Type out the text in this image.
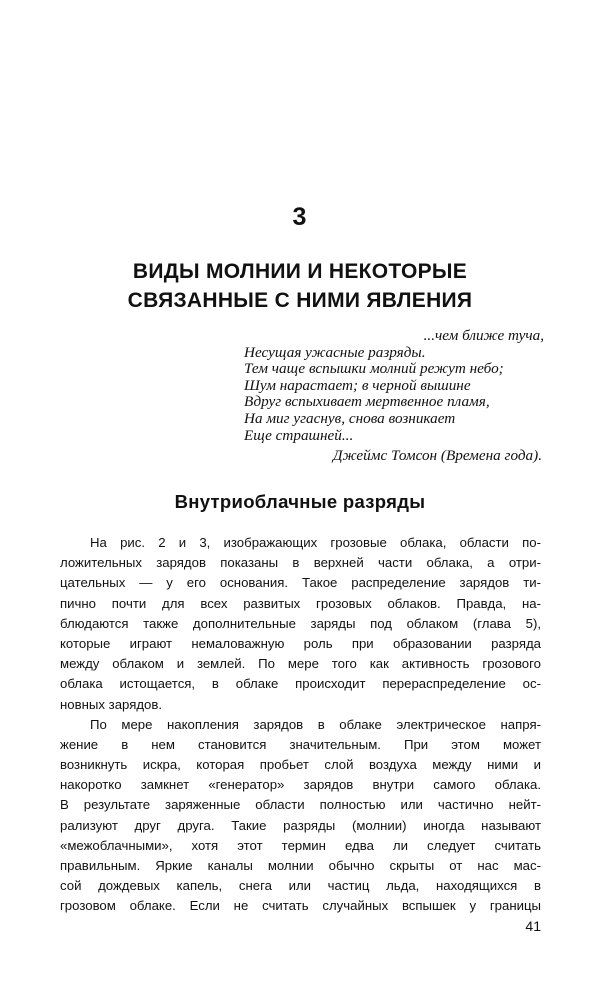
3
ВИДЫ МОЛНИИ И НЕКОТОРЫЕ
СВЯЗАННЫЕ С НИМИ ЯВЛЕНИЯ
...чем ближе туча,
Несущая ужасные разряды.
Тем чаще вспышки молний режут небо;
Шум нарастает; в черной вышине
Вдруг вспыхивает мертвенное пламя,
На миг угаснув, снова возникает
Еще страшней...
Джеймс Томсон (Времена года).
Внутриоблачные разряды
На рис. 2 и 3, изображающих грозовые облака, области по-
ложительных зарядов показаны в верхней части облака, а отри-
цательных — у его основания. Такое распределение зарядов ти-
пично почти для всех развитых грозовых облаков. Правда, на-
блюдаются также дополнительные заряды под облаком (глава 5),
которые играют немаловажную роль при образовании разряда
между облаком и землей. По мере того как активность грозового
облака истощается, в облаке происходит перераспределение ос-
новных зарядов.
По мере накопления зарядов в облаке электрическое напря-
жение в нем становится значительным. При этом может
возникнуть искра, которая пробьет слой воздуха между ними и
накоротко замкнет «генератор» зарядов внутри самого облака.
В результате заряженные области полностью или частично нейт-
рализуют друг друга. Такие разряды (молнии) иногда называют
«межоблачными», хотя этот термин едва ли следует считать
правильным. Яркие каналы молнии обычно скрыты от нас мас-
сой дождевых капель, снега или частиц льда, находящихся в
грозовом облаке. Если не считать случайных вспышек у границы
41
